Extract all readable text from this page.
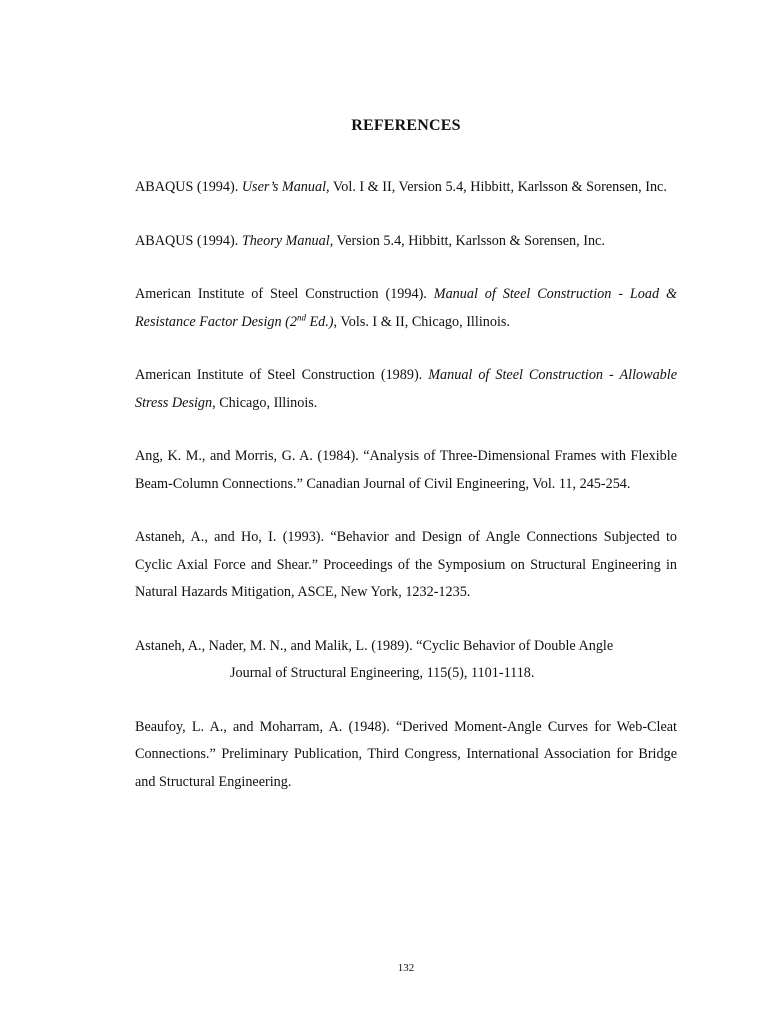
REFERENCES

ABAQUS (1994). User’s Manual, Vol. I & II, Version 5.4, Hibbitt, Karlsson & Sorensen, Inc.

ABAQUS (1994). Theory Manual, Version 5.4, Hibbitt, Karlsson & Sorensen, Inc.

American Institute of Steel Construction (1994). Manual of Steel Construction - Load & Resistance Factor Design (2nd Ed.), Vols. I & II, Chicago, Illinois.

American Institute of Steel Construction (1989). Manual of Steel Construction - Allowable Stress Design, Chicago, Illinois.

Ang, K. M., and Morris, G. A. (1984). “Analysis of Three-Dimensional Frames with Flexible Beam-Column Connections.” Canadian Journal of Civil Engineering, Vol. 11, 245-254.

Astaneh, A., and Ho, I. (1993). “Behavior and Design of Angle Connections Subjected to Cyclic Axial Force and Shear.” Proceedings of the Symposium on Structural Engineering in Natural Hazards Mitigation, ASCE, New York, 1232-1235.

Astaneh, A., Nader, M. N., and Malik, L. (1989). “Cyclic Behavior of Double Angle
Journal of Structural Engineering, 115(5), 1101-1118.

Beaufoy, L. A., and Moharram, A. (1948). “Derived Moment-Angle Curves for Web-Cleat Connections.” Preliminary Publication, Third Congress, International Association for Bridge and Structural Engineering.

132
